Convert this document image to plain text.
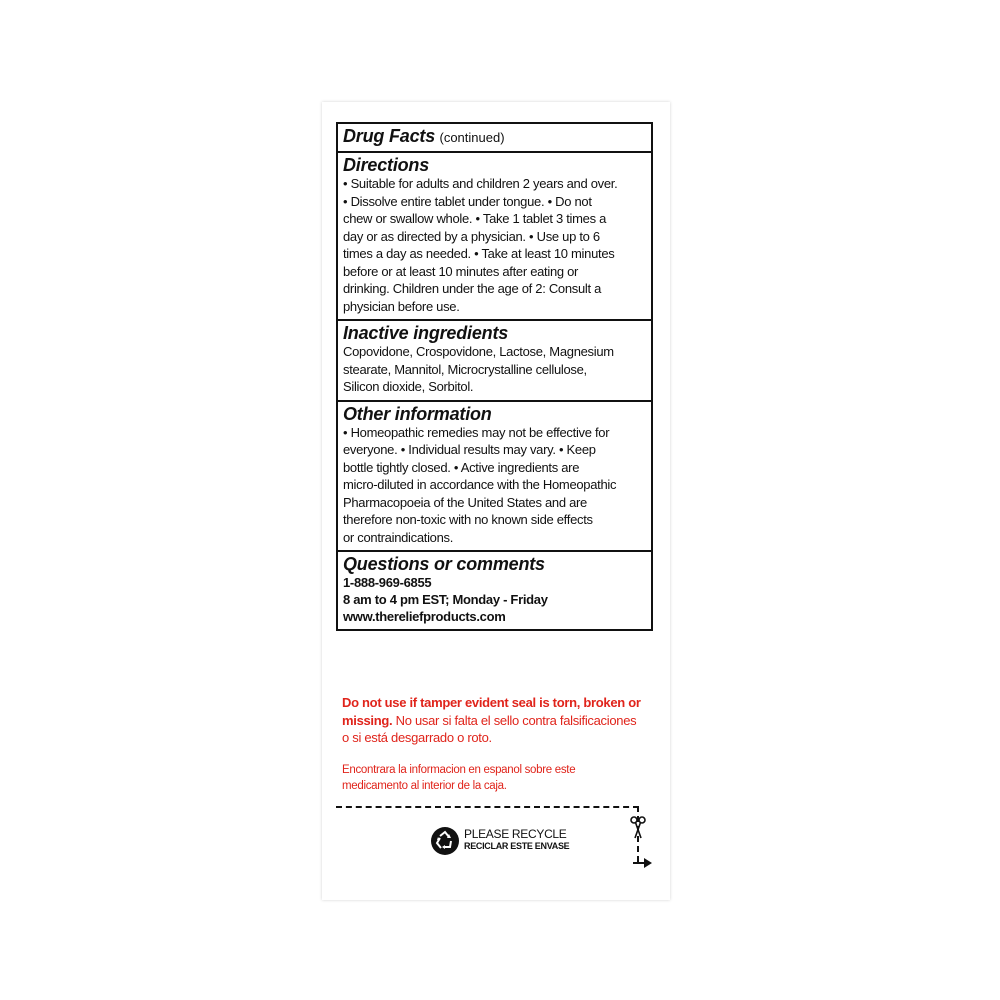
Drug Facts (continued)
Directions
• Suitable for adults and children 2 years and over.
• Dissolve entire tablet under tongue. • Do not
chew or swallow whole. • Take 1 tablet 3 times a
day or as directed by a physician. • Use up to 6
times a day as needed. • Take at least 10 minutes
before or at least 10 minutes after eating or
drinking. Children under the age of 2: Consult a
physician before use.
Inactive ingredients
Copovidone, Crospovidone, Lactose, Magnesium
stearate, Mannitol, Microcrystalline cellulose,
Silicon dioxide, Sorbitol.
Other information
• Homeopathic remedies may not be effective for
everyone. • Individual results may vary. • Keep
bottle tightly closed. • Active ingredients are
micro-diluted in accordance with the Homeopathic
Pharmacopoeia of the United States and are
therefore non-toxic with no known side effects
or contraindications.
Questions or comments
1-888-969-6855
8 am to 4 pm EST; Monday - Friday
www.thereliefproducts.com
Do not use if tamper evident seal is torn, broken or missing. No usar si falta el sello contra falsificaciones o si está desgarrado o roto.
Encontrara la informacion en espanol sobre este medicamento al interior de la caja.
PLEASE RECYCLE
RECICLAR ESTE ENVASE
